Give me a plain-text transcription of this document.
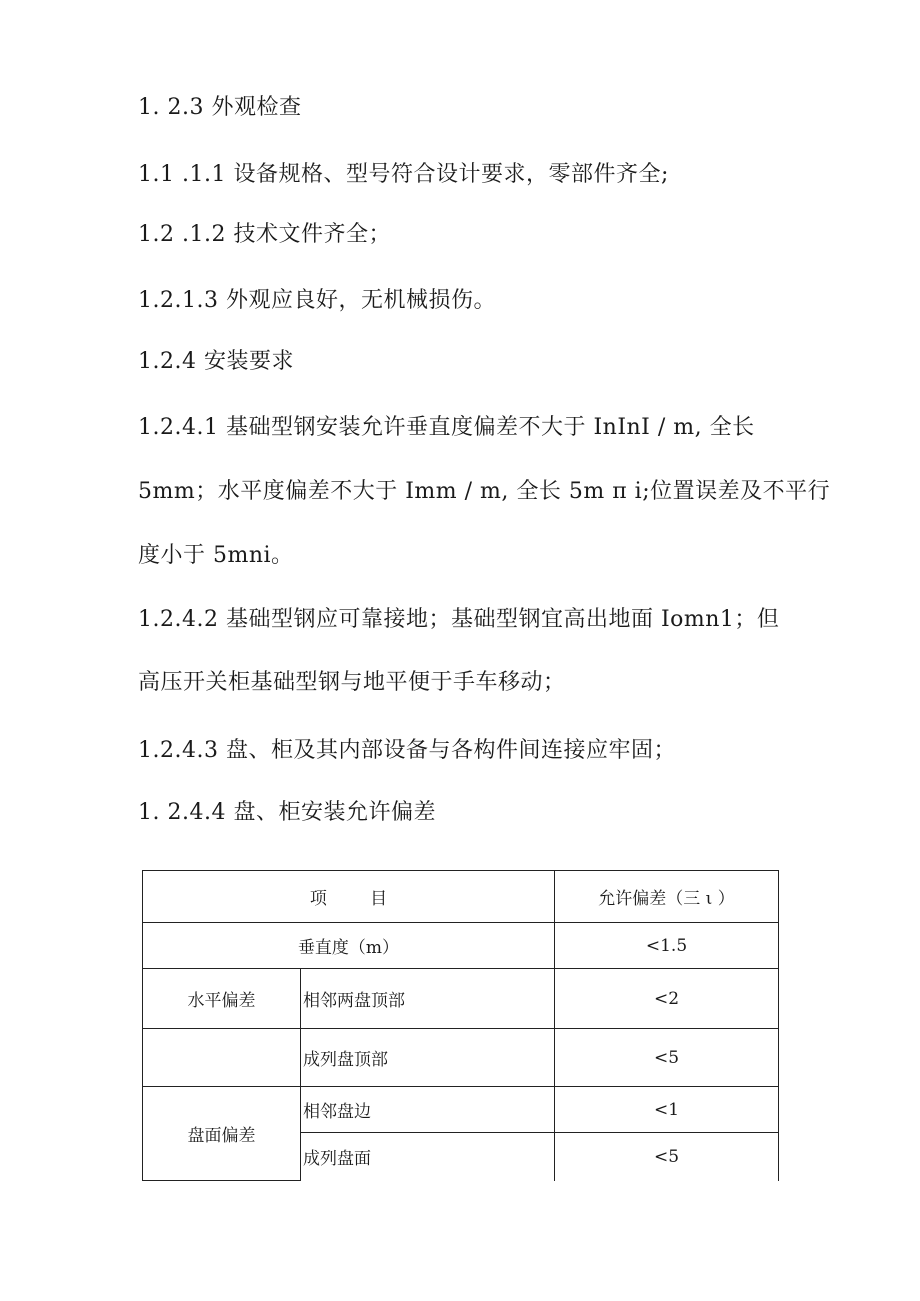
1. 2.3 外观检查
1.1 .1.1 设备规格、型号符合设计要求，零部件齐全;
1.2 .1.2 技术文件齐全；
1.2.1.3 外观应良好，无机械损伤。
1.2.4 安装要求
1.2.4.1 基础型钢安装允许垂直度偏差不大于 InInI / m, 全长
5mm；水平度偏差不大于 Imm / m, 全长 5m π i;位置误差及不平行
度小于 5mni。
1.2.4.2 基础型钢应可靠接地；基础型钢宜高出地面 Iomn1；但
高压开关柜基础型钢与地平便于手车移动；
1.2.4.3 盘、柜及其内部设备与各构件间连接应牢固；
1. 2.4.4 盘、柜安装允许偏差
项        目		允许偏差（三 ι ）
垂直度（m）		<1.5
水平偏差	相邻两盘顶部	<2
	成列盘顶部	<5
盘面偏差	相邻盘边	<1
	成列盘面	<5
